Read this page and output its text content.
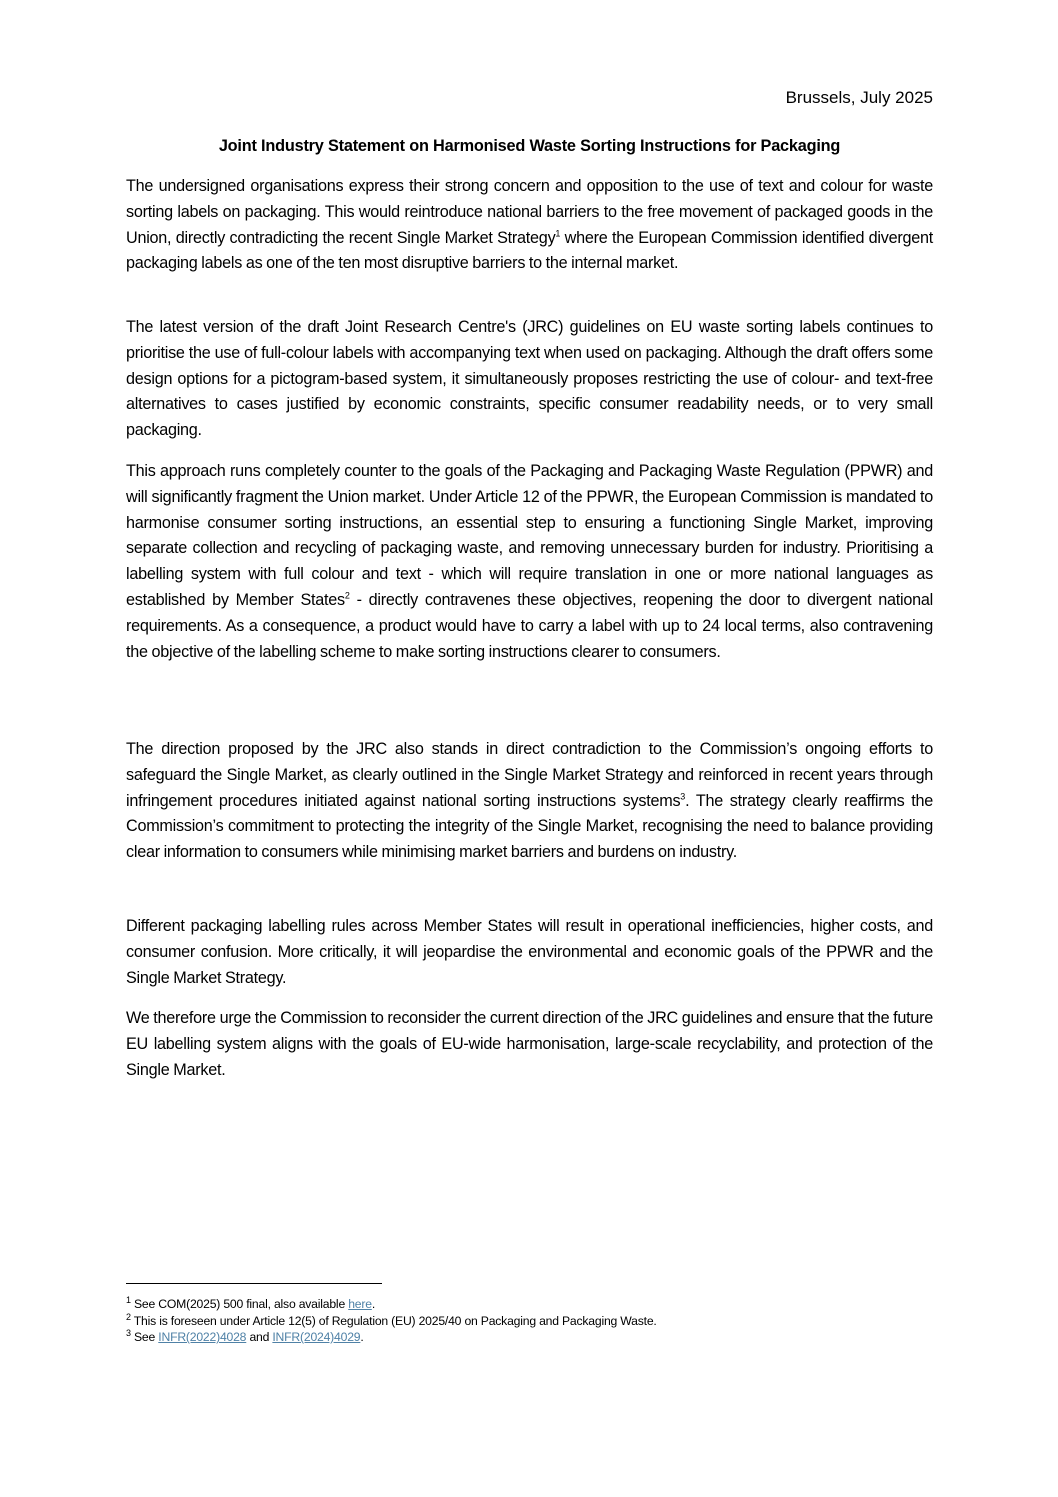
Brussels, July 2025
Joint Industry Statement on Harmonised Waste Sorting Instructions for Packaging

The undersigned organisations express their strong concern and opposition to the use of text and colour for waste sorting labels on packaging. This would reintroduce national barriers to the free movement of packaged goods in the Union, directly contradicting the recent Single Market Strategy$^1$ where the European Commission identified divergent packaging labels as one of the ten most disruptive barriers to the internal market.

The latest version of the draft Joint Research Centre's (JRC) guidelines on EU waste sorting labels continues to prioritise the use of full-colour labels with accompanying text when used on packaging. Although the draft offers some design options for a pictogram-based system, it simultaneously proposes restricting the use of colour- and text-free alternatives to cases justified by economic constraints, specific consumer readability needs, or to very small packaging.

This approach runs completely counter to the goals of the Packaging and Packaging Waste Regulation (PPWR) and will significantly fragment the Union market. Under Article 12 of the PPWR, the European Commission is mandated to harmonise consumer sorting instructions, an essential step to ensuring a functioning Single Market, improving separate collection and recycling of packaging waste, and removing unnecessary burden for industry. Prioritising a labelling system with full colour and text - which will require translation in one or more national languages as established by Member States$^2$ - directly contravenes these objectives, reopening the door to divergent national requirements. As a consequence, a product would have to carry a label with up to 24 local terms, also contravening the objective of the labelling scheme to make sorting instructions clearer to consumers.

The direction proposed by the JRC also stands in direct contradiction to the Commission’s ongoing efforts to safeguard the Single Market, as clearly outlined in the Single Market Strategy and reinforced in recent years through infringement procedures initiated against national sorting instructions systems$^3$. The strategy clearly reaffirms the Commission’s commitment to protecting the integrity of the Single Market, recognising the need to balance providing clear information to consumers while minimising market barriers and burdens on industry.

Different packaging labelling rules across Member States will result in operational inefficiencies, higher costs, and consumer confusion. More critically, it will jeopardise the environmental and economic goals of the PPWR and the Single Market Strategy.

We therefore urge the Commission to reconsider the current direction of the JRC guidelines and ensure that the future EU labelling system aligns with the goals of EU-wide harmonisation, large-scale recyclability, and protection of the Single Market.

$^1$ See COM(2025) 500 final, also available here.
$^2$ This is foreseen under Article 12(5) of Regulation (EU) 2025/40 on Packaging and Packaging Waste.
$^3$ See INFR(2022)4028 and INFR(2024)4029.
